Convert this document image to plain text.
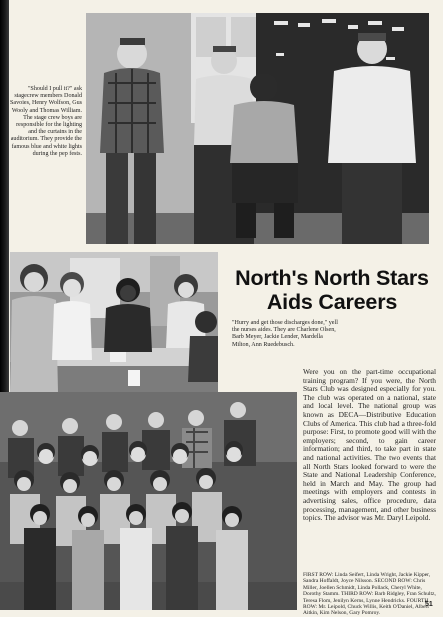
"Should I pull it?" ask stagecrew members Donald Savoies, Henry Wolfson, Gus Wooly and Thomas William. The stage crew boys are responsible for the lighting and the curtains in the auditorium. They provide the famous blue and white lights during the pep fests.
North's North Stars
Aids Careers
"Hurry and get those discharges done," yell the nurses aides. They are Charlene Olsen, Barb Meyer, Jackie Lender, Mardella Milton, Ann Ruedebusch.
Were you on the part-time occupational training program? If you were, the North Stars Club was designed especially for you. The club was operated on a national, state and local level. The national group was known as DECA—Distributive Education Clubs of America. This club had a three-fold purpose: First, to promote good will with the employers; second, to gain career information; and third, to take part in state and national activities. The two events that all North Stars looked forward to were the State and National Leadership Conference, held in March and May. The group had meetings with employers and contests in advertising sales, office procedure, data processing, management, and other business topics. The advisor was Mr. Daryl Leipold.
FIRST ROW: Linda Seifert, Linda Wright, Jackie Kipper, Sandra Hoffaldt, Joyce Nilsson. SECOND ROW: Chris Miller, Joellen Schmidt, Linda Pollack, Cheryl White, Dorothy Stamm. THIRD ROW: Barb Ridgley, Fran Schultz, Teresa Flom, Jenilyn Kerns, Lynne Hendricks. FOURTH ROW: Mr. Leipold, Chuck Willis, Keith O'Daniel, Albert Aitkin, Kim Nelson, Gary Pomroy.
51
